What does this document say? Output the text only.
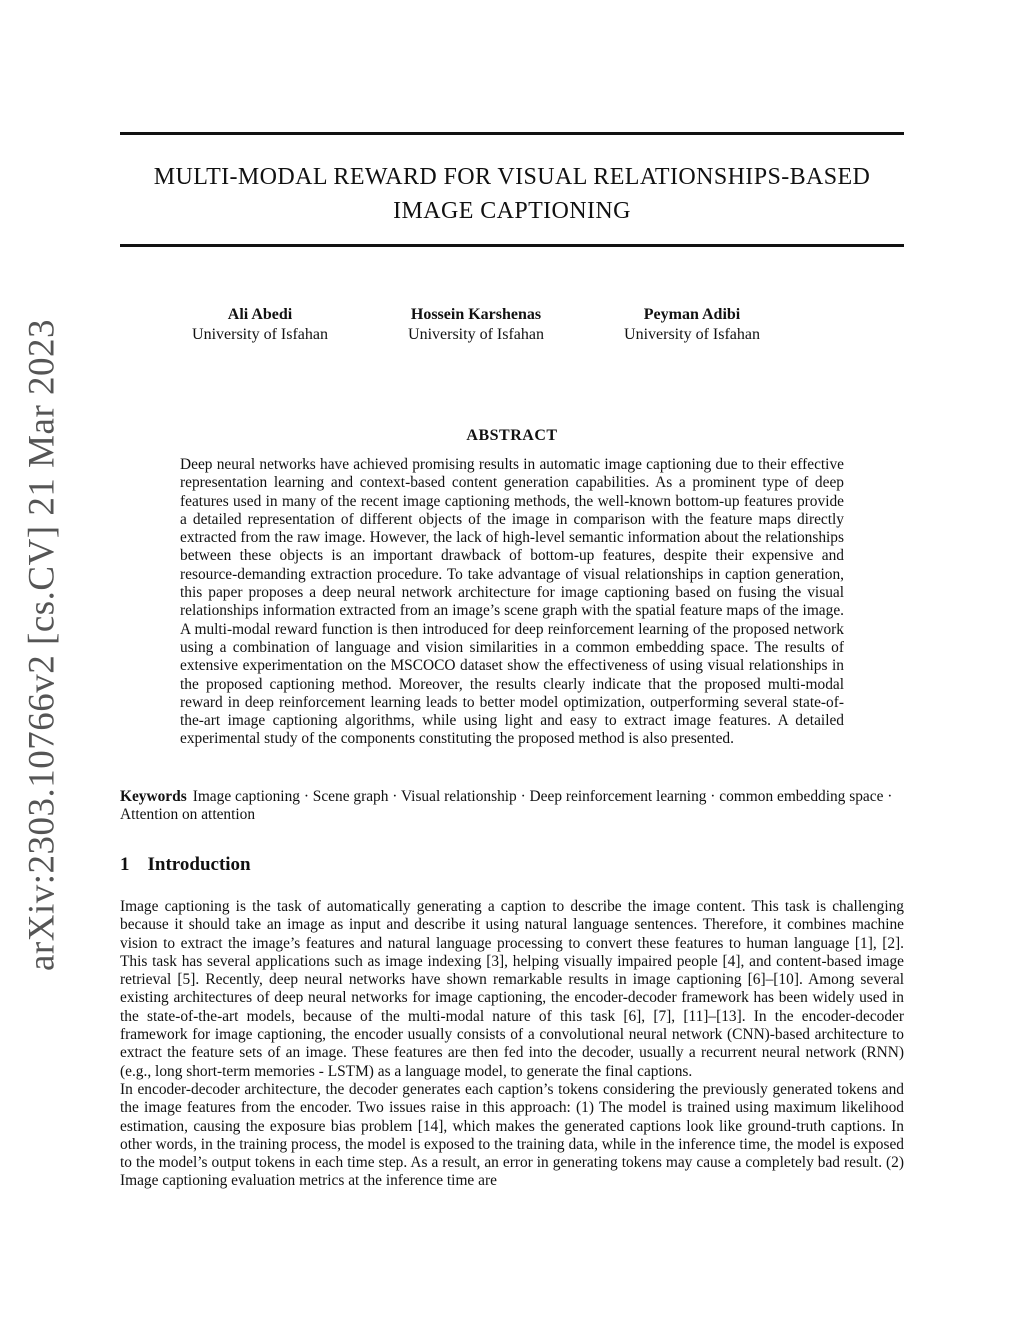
arXiv:2303.10766v2 [cs.CV] 21 Mar 2023
MULTI-MODAL REWARD FOR VISUAL RELATIONSHIPS-BASED
IMAGE CAPTIONING
Ali Abedi
University of Isfahan
Hossein Karshenas
University of Isfahan
Peyman Adibi
University of Isfahan
ABSTRACT

Deep neural networks have achieved promising results in automatic image captioning due to their effective representation learning and context-based content generation capabilities. As a prominent type of deep features used in many of the recent image captioning methods, the well-known bottom-up features provide a detailed representation of different objects of the image in comparison with the feature maps directly extracted from the raw image. However, the lack of high-level semantic information about the relationships between these objects is an important drawback of bottom-up features, despite their expensive and resource-demanding extraction procedure. To take advantage of visual relationships in caption generation, this paper proposes a deep neural network architecture for image captioning based on fusing the visual relationships information extracted from an image’s scene graph with the spatial feature maps of the image. A multi-modal reward function is then introduced for deep reinforcement learning of the proposed network using a combination of language and vision similarities in a common embedding space. The results of extensive experimentation on the MSCOCO dataset show the effectiveness of using visual relationships in the proposed captioning method. Moreover, the results clearly indicate that the proposed multi-modal reward in deep reinforcement learning leads to better model optimization, outperforming several state-of-the-art image captioning algorithms, while using light and easy to extract image features. A detailed experimental study of the components constituting the proposed method is also presented.

Keywords Image captioning · Scene graph · Visual relationship · Deep reinforcement learning · common embedding space · Attention on attention

1 Introduction

Image captioning is the task of automatically generating a caption to describe the image content. This task is challenging because it should take an image as input and describe it using natural language sentences. Therefore, it combines machine vision to extract the image’s features and natural language processing to convert these features to human language [1], [2]. This task has several applications such as image indexing [3], helping visually impaired people [4], and content-based image retrieval [5]. Recently, deep neural networks have shown remarkable results in image captioning [6]–[10]. Among several existing architectures of deep neural networks for image captioning, the encoder-decoder framework has been widely used in the state-of-the-art models, because of the multi-modal nature of this task [6], [7], [11]–[13]. In the encoder-decoder framework for image captioning, the encoder usually consists of a convolutional neural network (CNN)-based architecture to extract the feature sets of an image. These features are then fed into the decoder, usually a recurrent neural network (RNN) (e.g., long short-term memories - LSTM) as a language model, to generate the final captions.

In encoder-decoder architecture, the decoder generates each caption’s tokens considering the previously generated tokens and the image features from the encoder. Two issues raise in this approach: (1) The model is trained using maximum likelihood estimation, causing the exposure bias problem [14], which makes the generated captions look like ground-truth captions. In other words, in the training process, the model is exposed to the training data, while in the inference time, the model is exposed to the model’s output tokens in each time step. As a result, an error in generating tokens may cause a completely bad result. (2) Image captioning evaluation metrics at the inference time are
